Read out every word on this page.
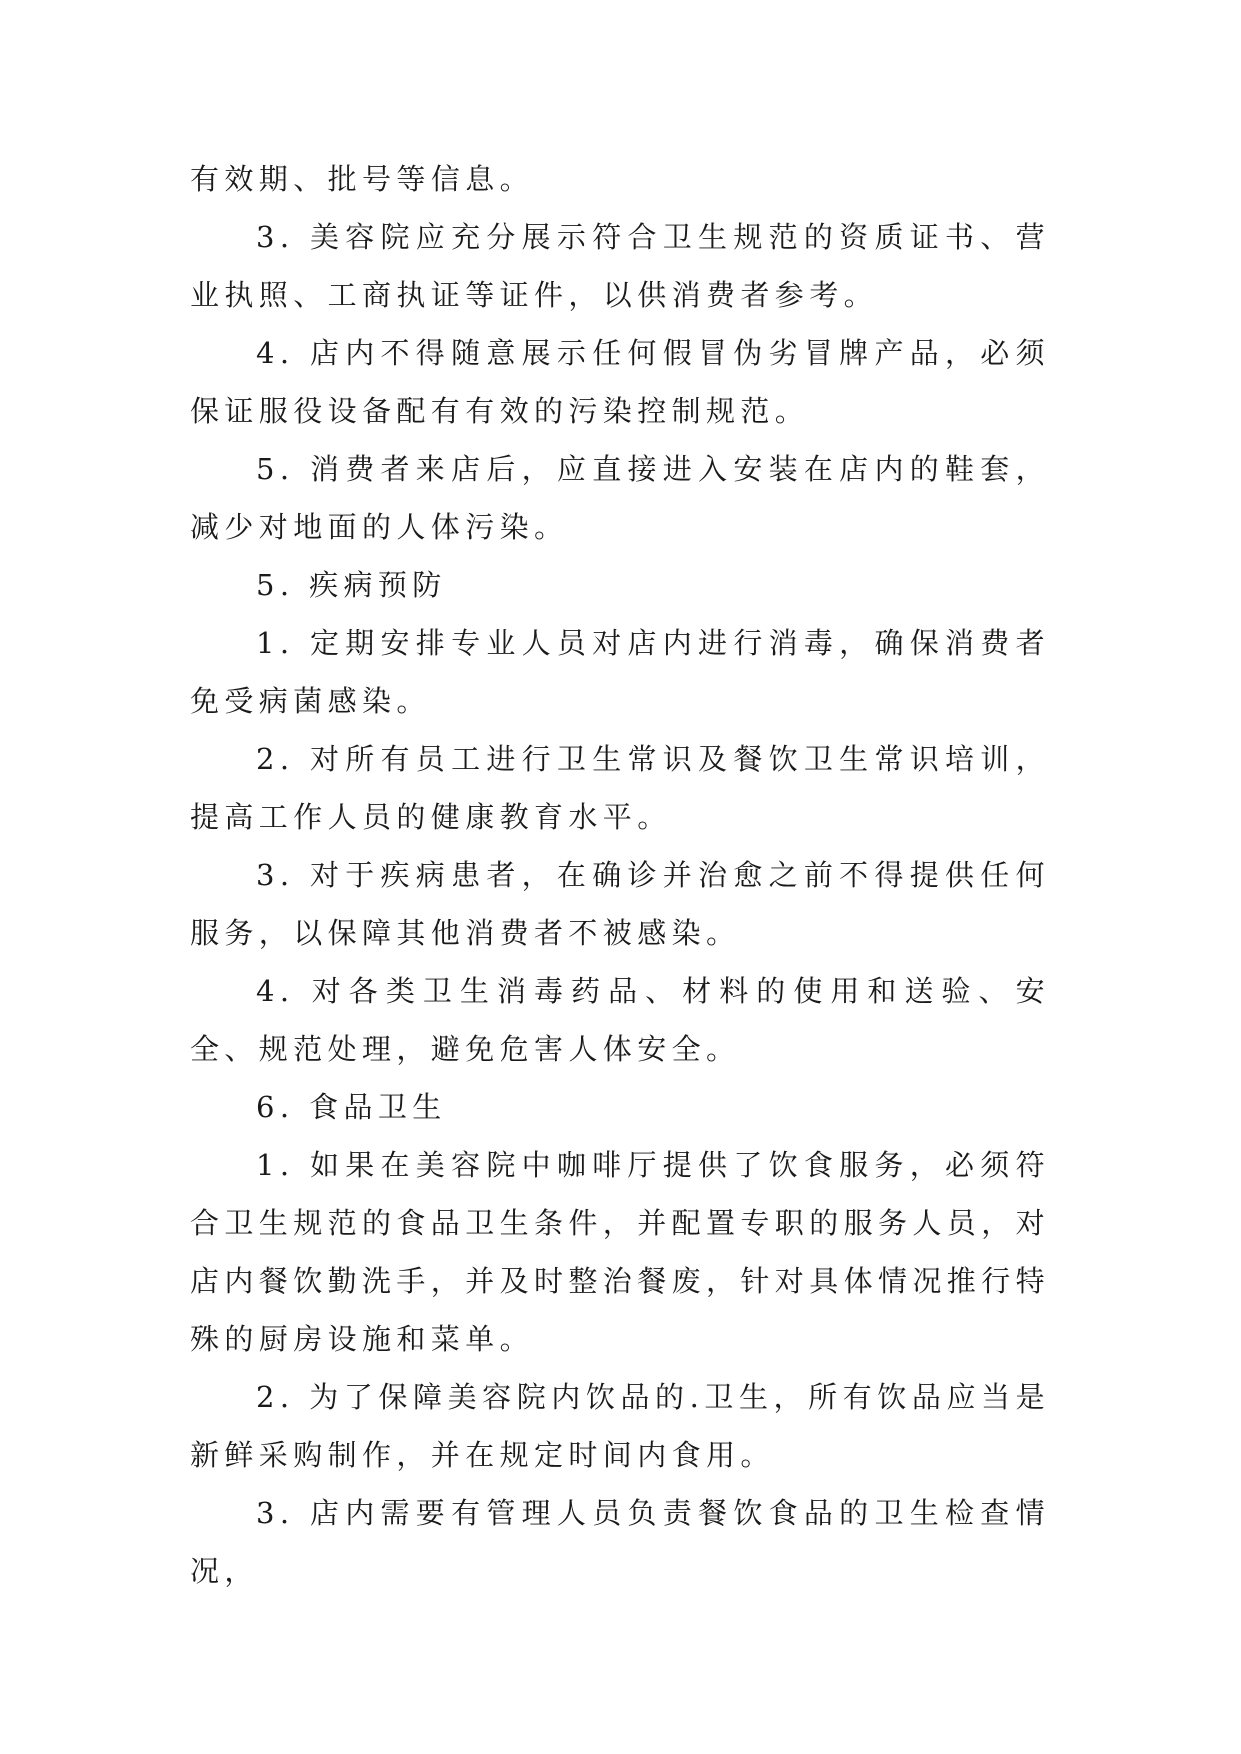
有效期、批号等信息。

3. 美容院应充分展示符合卫生规范的资质证书、营业执照、工商执证等证件，以供消费者参考。

4. 店内不得随意展示任何假冒伪劣冒牌产品，必须保证服役设备配有有效的污染控制规范。

5. 消费者来店后，应直接进入安装在店内的鞋套，减少对地面的人体污染。

5. 疾病预防

1. 定期安排专业人员对店内进行消毒，确保消费者免受病菌感染。

2. 对所有员工进行卫生常识及餐饮卫生常识培训，提高工作人员的健康教育水平。

3. 对于疾病患者，在确诊并治愈之前不得提供任何服务，以保障其他消费者不被感染。

4. 对各类卫生消毒药品、材料的使用和送验、安全、规范处理，避免危害人体安全。

6. 食品卫生

1. 如果在美容院中咖啡厅提供了饮食服务，必须符合卫生规范的食品卫生条件，并配置专职的服务人员，对店内餐饮勤洗手，并及时整治餐废，针对具体情况推行特殊的厨房设施和菜单。

2. 为了保障美容院内饮品的.卫生，所有饮品应当是新鲜采购制作，并在规定时间内食用。

3. 店内需要有管理人员负责餐饮食品的卫生检查情况，
